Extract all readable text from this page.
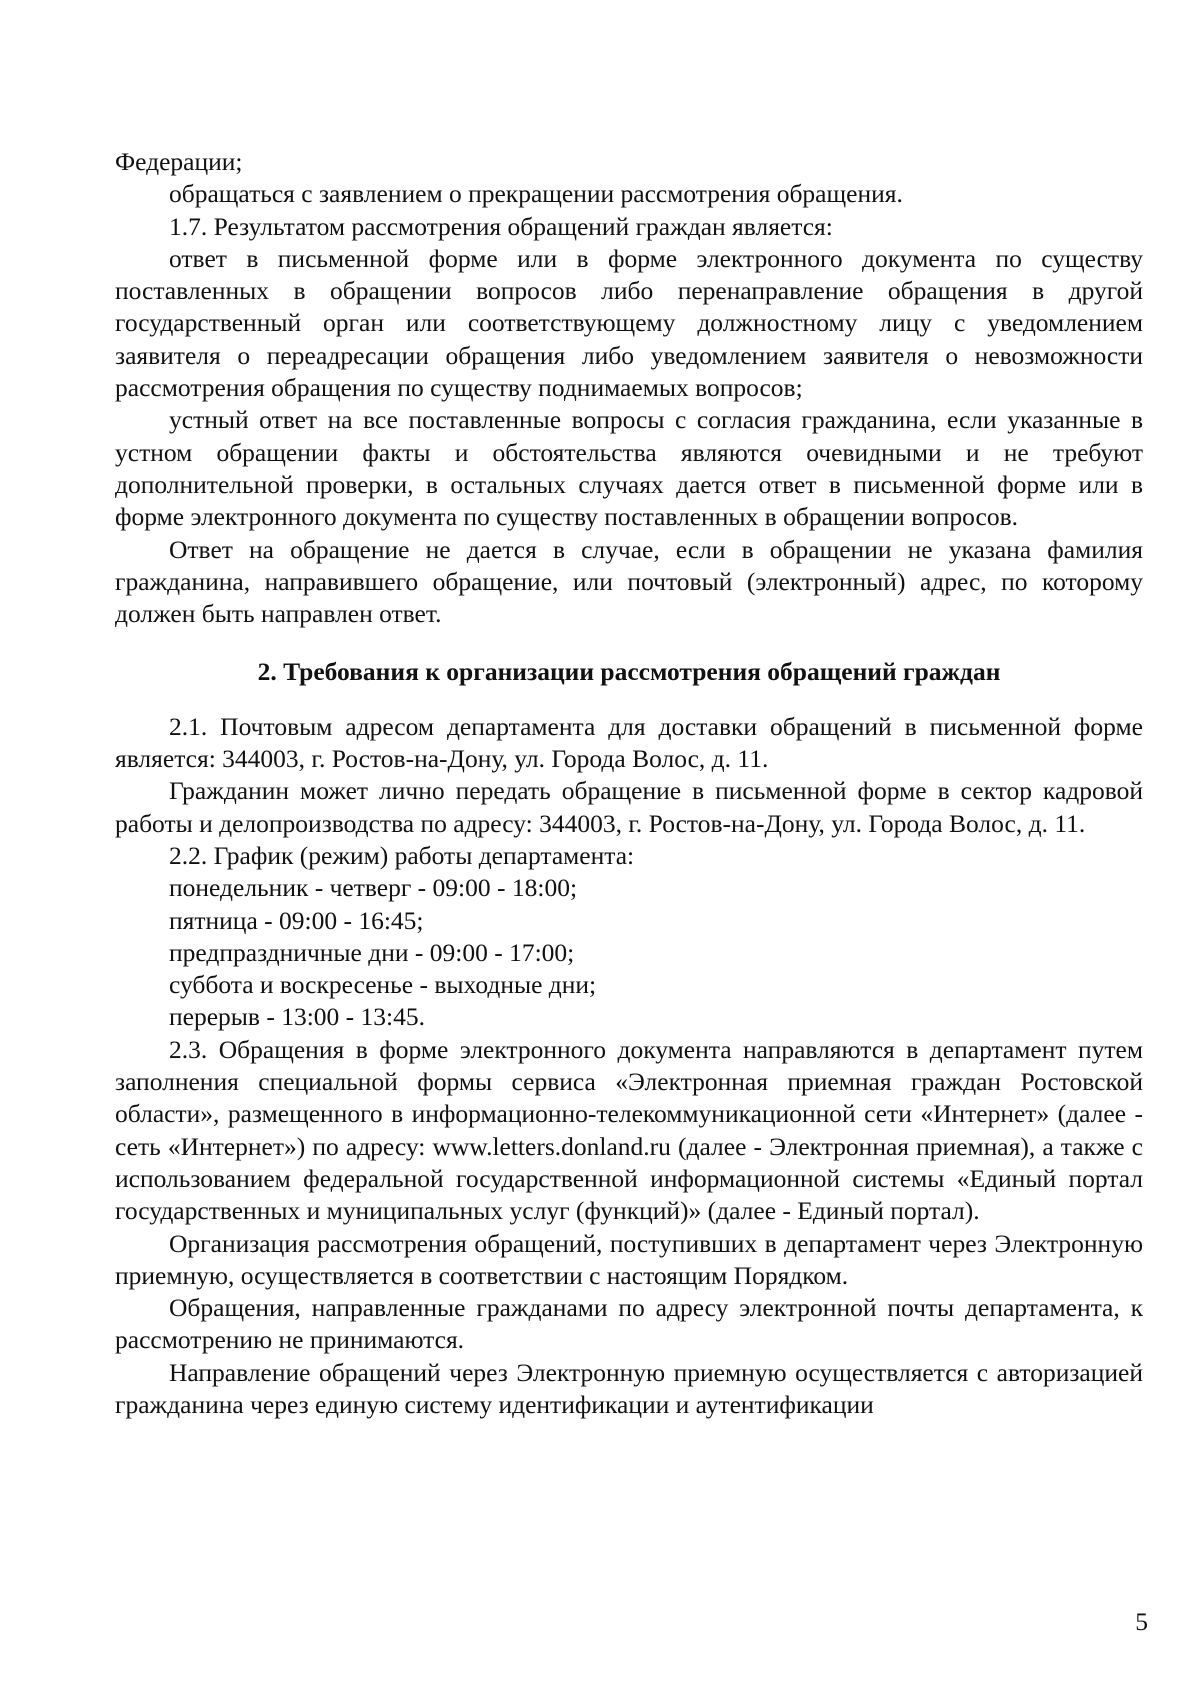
Федерации;

обращаться с заявлением о прекращении рассмотрения обращения.

1.7. Результатом рассмотрения обращений граждан является:

ответ в письменной форме или в форме электронного документа по существу поставленных в обращении вопросов либо перенаправление обращения в другой государственный орган или соответствующему должностному лицу с уведомлением заявителя о переадресации обращения либо уведомлением заявителя о невозможности рассмотрения обращения по существу поднимаемых вопросов;

устный ответ на все поставленные вопросы с согласия гражданина, если указанные в устном обращении факты и обстоятельства являются очевидными и не требуют дополнительной проверки, в остальных случаях дается ответ в письменной форме или в форме электронного документа по существу поставленных в обращении вопросов.

Ответ на обращение не дается в случае, если в обращении не указана фамилия гражданина, направившего обращение, или почтовый (электронный) адрес, по которому должен быть направлен ответ.

2. Требования к организации рассмотрения обращений граждан

2.1. Почтовым адресом департамента для доставки обращений в письменной форме является: 344003, г. Ростов-на-Дону, ул. Города Волос, д. 11.

Гражданин может лично передать обращение в письменной форме в сектор кадровой работы и делопроизводства по адресу: 344003, г. Ростов-на-Дону, ул. Города Волос, д. 11.

2.2. График (режим) работы департамента:

понедельник - четверг - 09:00 - 18:00;

пятница - 09:00 - 16:45;

предпраздничные дни - 09:00 - 17:00;

суббота и воскресенье - выходные дни;

перерыв - 13:00 - 13:45.

2.3. Обращения в форме электронного документа направляются в департамент путем заполнения специальной формы сервиса «Электронная приемная граждан Ростовской области», размещенного в информационно-телекоммуникационной сети «Интернет» (далее - сеть «Интернет») по адресу: www.letters.donland.ru (далее - Электронная приемная), а также с использованием федеральной государственной информационной системы «Единый портал государственных и муниципальных услуг (функций)» (далее - Единый портал).

Организация рассмотрения обращений, поступивших в департамент через Электронную приемную, осуществляется в соответствии с настоящим Порядком.

Обращения, направленные гражданами по адресу электронной почты департамента, к рассмотрению не принимаются.

Направление обращений через Электронную приемную осуществляется с авторизацией гражданина через единую систему идентификации и аутентификации

5
